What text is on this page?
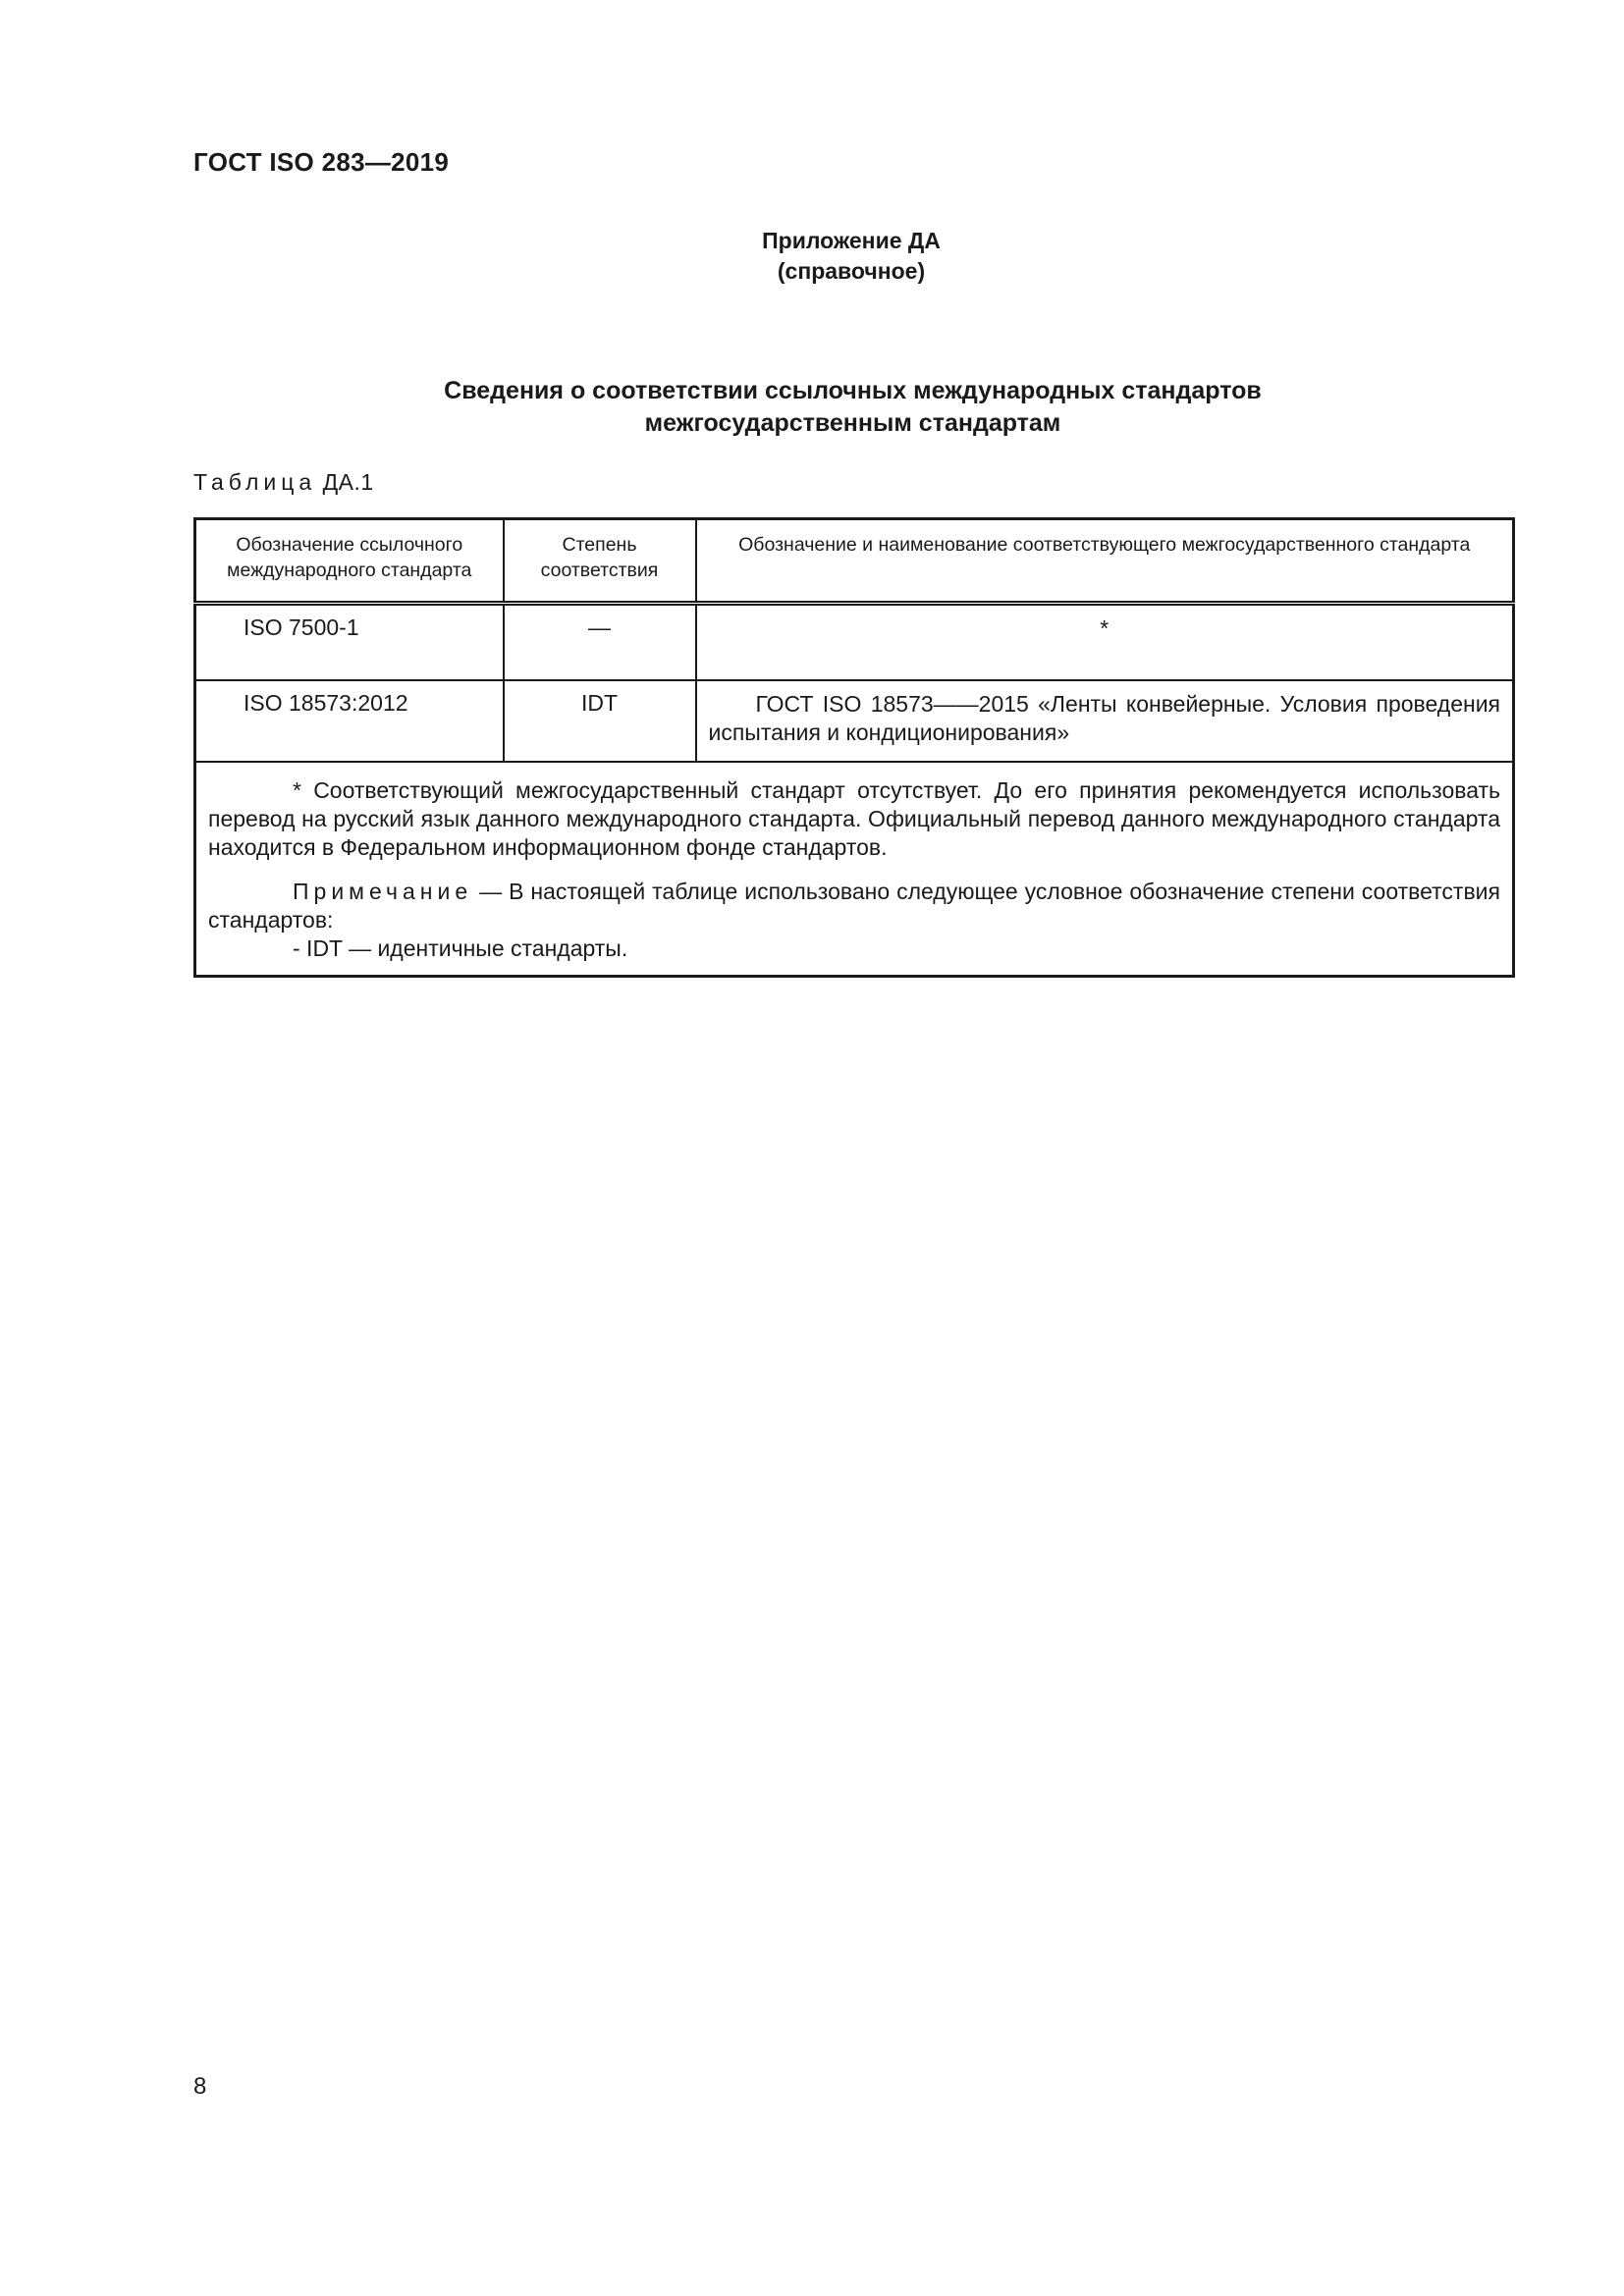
ГОСТ ISO 283—2019
Приложение ДА
(справочное)
Сведения о соответствии ссылочных международных стандартов
межгосударственным стандартам
Таблица ДА.1
Обозначение ссылочного международного стандарта	Степень соответствия	Обозначение и наименование соответствующего межгосударственного стандарта
ISO 7500-1	—	*
ISO 18573:2012	IDT	ГОСТ ISO 18573——2015 «Ленты конвейерные. Условия проведения испытания и кондиционирования»

* Соответствующий межгосударственный стандарт отсутствует. До его принятия рекомендуется использовать перевод на русский язык данного международного стандарта. Официальный перевод данного международного стандарта находится в Федеральном информационном фонде стандартов.

Примечание — В настоящей таблице использовано следующее условное обозначение степени соответствия стандартов:

- IDT — идентичные стандарты.		

8
